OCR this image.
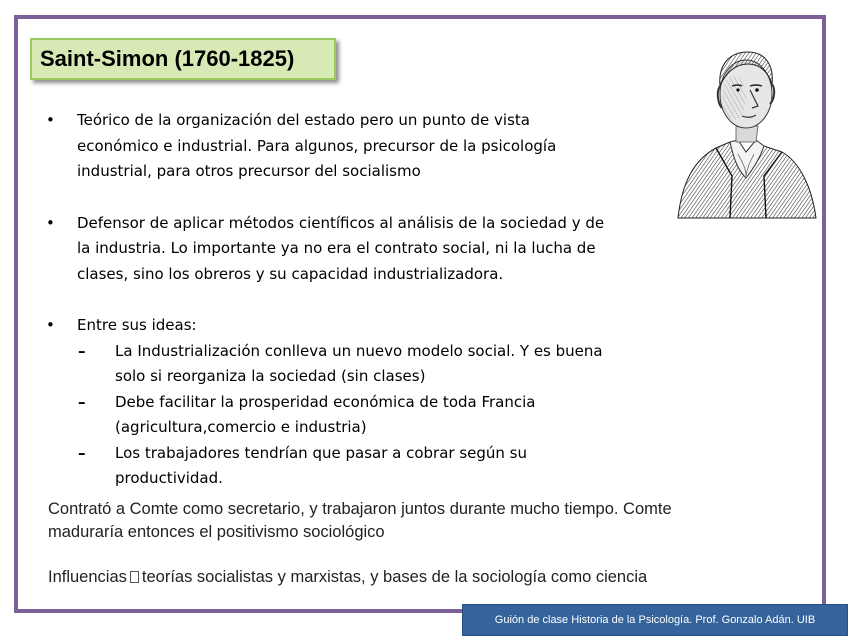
Saint-Simon (1760-1825)
• Teórico de la organización del estado pero un punto de vista
económico e industrial. Para algunos, precursor de la psicología
industrial, para otros precursor del socialismo
• Defensor de aplicar métodos científicos al análisis de la sociedad y de
la industria. Lo importante ya no era el contrato social, ni la lucha de
clases, sino los obreros y su capacidad industrializadora.
• Entre sus ideas:
– La Industrialización conlleva un nuevo modelo social. Y es buena
solo si reorganiza la sociedad (sin clases)
– Debe facilitar la prosperidad económica de toda Francia
(agricultura,comercio e industria)
– Los trabajadores tendrían que pasar a cobrar según su
productividad.
Contrató a Comte como secretario, y trabajaron juntos durante mucho tiempo. Comte
maduraría entonces el positivismo sociológico
Influencias teorías socialistas y marxistas, y bases de la sociología como ciencia
Guión de clase Historia de la Psicología. Prof. Gonzalo Adán. UIB
